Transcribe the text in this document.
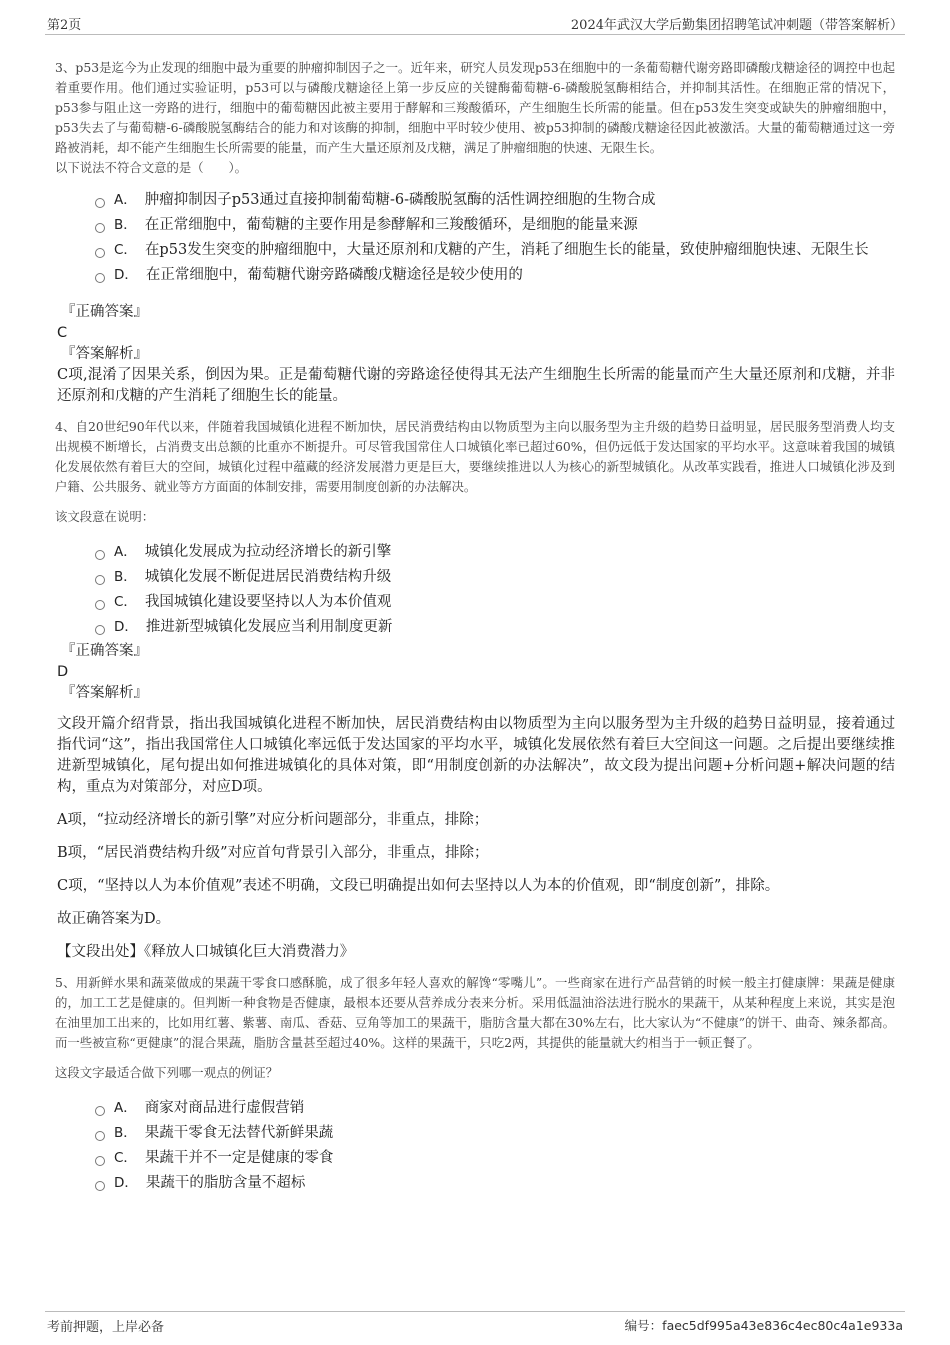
第2页	2024年武汉大学后勤集团招聘笔试冲刺题（带答案解析）

3、p53是迄今为止发现的细胞中最为重要的肿瘤抑制因子之一。近年来，研究人员发现p53在细胞中的一条葡萄糖代谢旁路即磷酸戊糖途径的调控中也起着重要作用。他们通过实验证明，p53可以与磷酸戊糖途径上第一步反应的关键酶葡萄糖-6-磷酸脱氢酶相结合，并抑制其活性。在细胞正常的情况下，p53参与阻止这一旁路的进行，细胞中的葡萄糖因此被主要用于酵解和三羧酸循环，产生细胞生长所需的能量。但在p53发生突变或缺失的肿瘤细胞中，p53失去了与葡萄糖-6-磷酸脱氢酶结合的能力和对该酶的抑制，细胞中平时较少使用、被p53抑制的磷酸戊糖途径因此被激活。大量的葡萄糖通过这一旁路被消耗，却不能产生细胞生长所需要的能量，而产生大量还原剂及戊糖，满足了肿瘤细胞的快速、无限生长。

以下说法不符合文意的是（　　）。

A． 肿瘤抑制因子p53通过直接抑制葡萄糖-6-磷酸脱氢酶的活性调控细胞的生物合成
B． 在正常细胞中，葡萄糖的主要作用是参酵解和三羧酸循环，是细胞的能量来源
C． 在p53发生突变的肿瘤细胞中，大量还原剂和戊糖的产生，消耗了细胞生长的能量，致使肿瘤细胞快速、无限生长
D． 在正常细胞中，葡萄糖代谢旁路磷酸戊糖途径是较少使用的

『正确答案』

C

『答案解析』

C项,混淆了因果关系，倒因为果。正是葡萄糖代谢的旁路途径使得其无法产生细胞生长所需的能量而产生大量还原剂和戊糖，并非还原剂和戊糖的产生消耗了细胞生长的能量。

4、自20世纪90年代以来，伴随着我国城镇化进程不断加快，居民消费结构由以物质型为主向以服务型为主升级的趋势日益明显，居民服务型消费人均支出规模不断增长，占消费支出总额的比重亦不断提升。可尽管我国常住人口城镇化率已超过60%，但仍远低于发达国家的平均水平。这意味着我国的城镇化发展依然有着巨大的空间，城镇化过程中蕴藏的经济发展潜力更是巨大，要继续推进以人为核心的新型城镇化。从改革实践看，推进人口城镇化涉及到户籍、公共服务、就业等方方面面的体制安排，需要用制度创新的办法解决。

该文段意在说明：

A． 城镇化发展成为拉动经济增长的新引擎
B． 城镇化发展不断促进居民消费结构升级
C． 我国城镇化建设要坚持以人为本价值观
D． 推进新型城镇化发展应当利用制度更新

『正确答案』

D

『答案解析』

文段开篇介绍背景，指出我国城镇化进程不断加快，居民消费结构由以物质型为主向以服务型为主升级的趋势日益明显，接着通过指代词“这”，指出我国常住人口城镇化率远低于发达国家的平均水平，城镇化发展依然有着巨大空间这一问题。之后提出要继续推进新型城镇化，尾句提出如何推进城镇化的具体对策，即“用制度创新的办法解决”，故文段为提出问题+分析问题+解决问题的结构，重点为对策部分，对应D项。

A项，“拉动经济增长的新引擎”对应分析问题部分，非重点，排除；

B项，“居民消费结构升级”对应首句背景引入部分，非重点，排除；

C项，“坚持以人为本价值观”表述不明确，文段已明确提出如何去坚持以人为本的价值观，即“制度创新”，排除。

故正确答案为D。

【文段出处】《释放人口城镇化巨大消费潜力》

5、用新鲜水果和蔬菜做成的果蔬干零食口感酥脆，成了很多年轻人喜欢的解馋“零嘴儿”。一些商家在进行产品营销的时候一般主打健康牌：果蔬是健康的，加工工艺是健康的。但判断一种食物是否健康，最根本还要从营养成分表来分析。采用低温油浴法进行脱水的果蔬干，从某种程度上来说，其实是泡在油里加工出来的，比如用红薯、紫薯、南瓜、香菇、豆角等加工的果蔬干，脂肪含量大都在30%左右，比大家认为“不健康”的饼干、曲奇、辣条都高。而一些被宣称“更健康”的混合果蔬，脂肪含量甚至超过40%。这样的果蔬干，只吃2两，其提供的能量就大约相当于一顿正餐了。

这段文字最适合做下列哪一观点的例证？

A． 商家对商品进行虚假营销
B． 果蔬干零食无法替代新鲜果蔬
C． 果蔬干并不一定是健康的零食
D． 果蔬干的脂肪含量不超标
考前押题，上岸必备	编号：faec5df995a43e836c4ec80c4a1e933a
